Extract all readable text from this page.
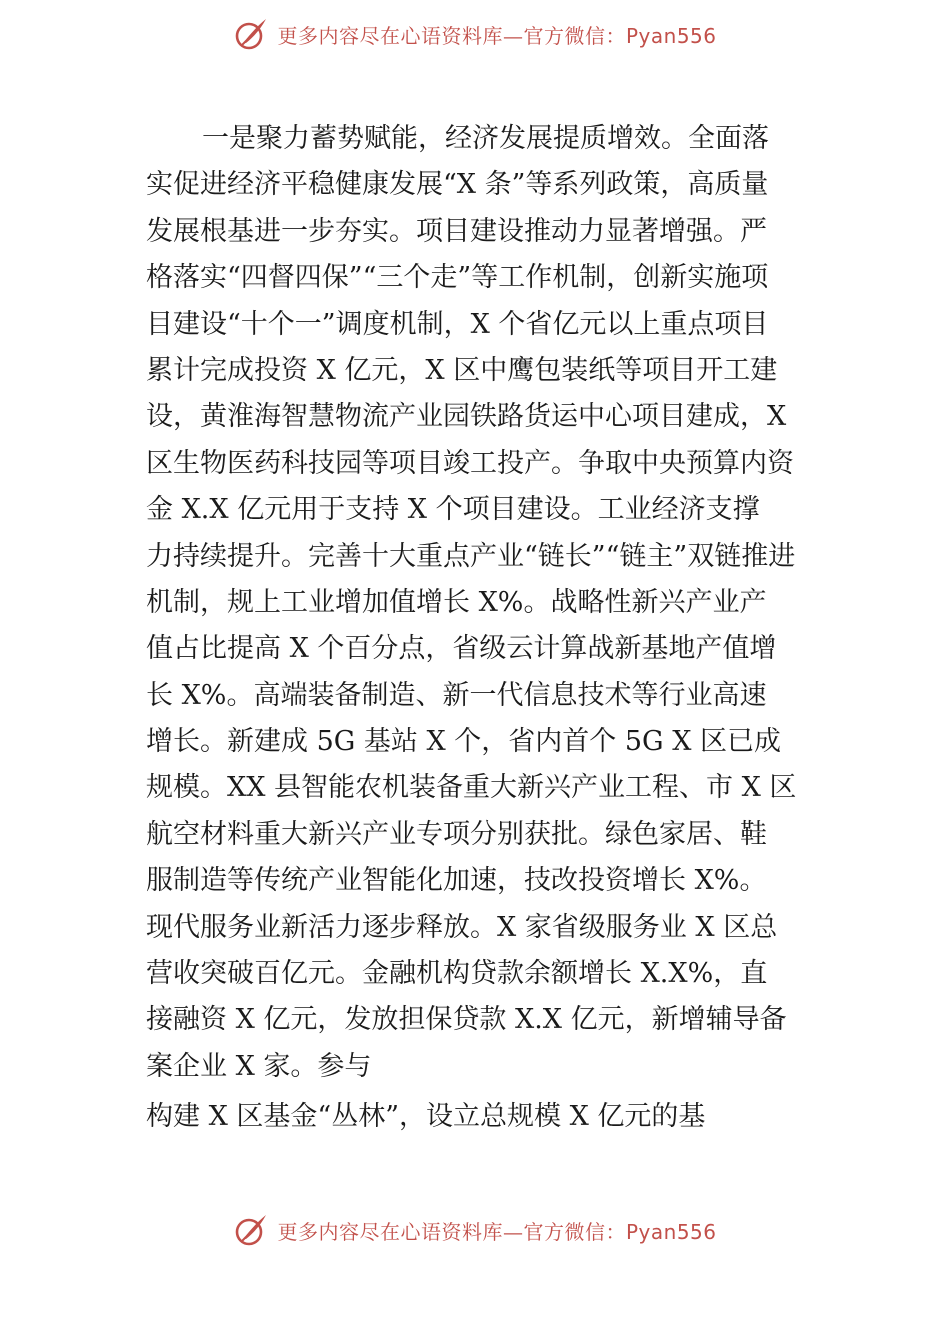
更多内容尽在心语资料库—官方微信：Pyan556
一是聚力蓄势赋能，经济发展提质增效。全面落
实促进经济平稳健康发展“X 条”等系列政策，高质量
发展根基进一步夯实。项目建设推动力显著增强。严
格落实“四督四保”“三个走”等工作机制，创新实施项
目建设“十个一”调度机制，X 个省亿元以上重点项目
累计完成投资 X 亿元，X 区中鹰包装纸等项目开工建
设，黄淮海智慧物流产业园铁路货运中心项目建成，X
区生物医药科技园等项目竣工投产。争取中央预算内资
金 X.X 亿元用于支持 X 个项目建设。工业经济支撑
力持续提升。完善十大重点产业“链长”“链主”双链推进
机制，规上工业增加值增长 X%。战略性新兴产业产
值占比提高 X 个百分点，省级云计算战新基地产值增
长 X%。高端装备制造、新一代信息技术等行业高速
增长。新建成 5G 基站 X 个，省内首个 5G X 区已成
规模。XX 县智能农机装备重大新兴产业工程、市 X 区
航空材料重大新兴产业专项分别获批。绿色家居、鞋
服制造等传统产业智能化加速，技改投资增长 X%。
现代服务业新活力逐步释放。X 家省级服务业 X 区总
营收突破百亿元。金融机构贷款余额增长 X.X%，直
接融资 X 亿元，发放担保贷款 X.X 亿元，新增辅导备
案企业 X 家。参与
构建 X 区基金“丛林”，设立总规模 X 亿元的基
更多内容尽在心语资料库—官方微信：Pyan556
